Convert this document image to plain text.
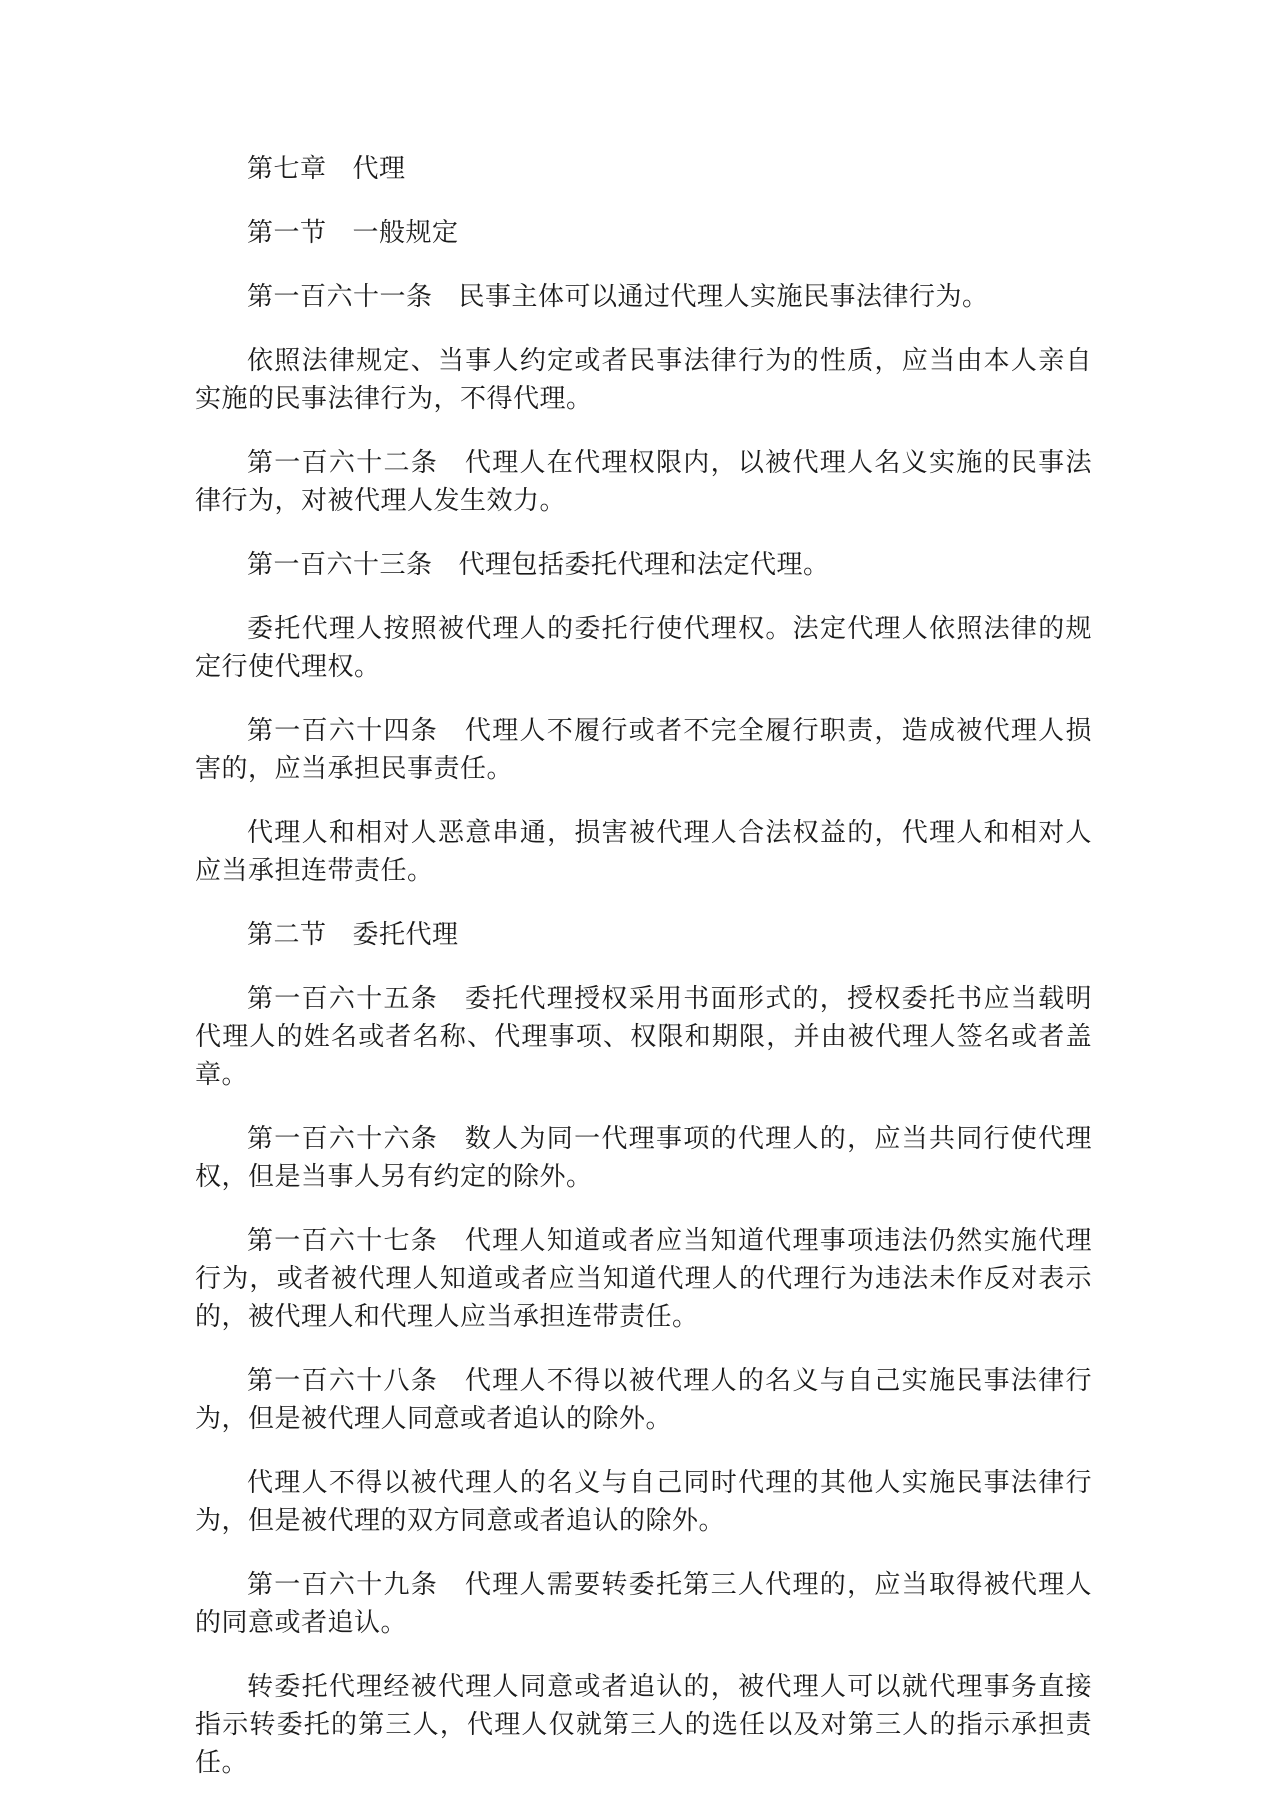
第七章 代理

第一节 一般规定

第一百六十一条 民事主体可以通过代理人实施民事法律行为。

依照法律规定、当事人约定或者民事法律行为的性质，应当由本人亲自实施的民事法律行为，不得代理。

第一百六十二条 代理人在代理权限内，以被代理人名义实施的民事法律行为，对被代理人发生效力。

第一百六十三条 代理包括委托代理和法定代理。

委托代理人按照被代理人的委托行使代理权。法定代理人依照法律的规定行使代理权。

第一百六十四条 代理人不履行或者不完全履行职责，造成被代理人损害的，应当承担民事责任。

代理人和相对人恶意串通，损害被代理人合法权益的，代理人和相对人应当承担连带责任。

第二节 委托代理

第一百六十五条 委托代理授权采用书面形式的，授权委托书应当载明代理人的姓名或者名称、代理事项、权限和期限，并由被代理人签名或者盖章。

第一百六十六条 数人为同一代理事项的代理人的，应当共同行使代理权，但是当事人另有约定的除外。

第一百六十七条 代理人知道或者应当知道代理事项违法仍然实施代理行为，或者被代理人知道或者应当知道代理人的代理行为违法未作反对表示的，被代理人和代理人应当承担连带责任。

第一百六十八条 代理人不得以被代理人的名义与自己实施民事法律行为，但是被代理人同意或者追认的除外。

代理人不得以被代理人的名义与自己同时代理的其他人实施民事法律行为，但是被代理的双方同意或者追认的除外。

第一百六十九条 代理人需要转委托第三人代理的，应当取得被代理人的同意或者追认。

转委托代理经被代理人同意或者追认的，被代理人可以就代理事务直接指示转委托的第三人，代理人仅就第三人的选任以及对第三人的指示承担责任。
